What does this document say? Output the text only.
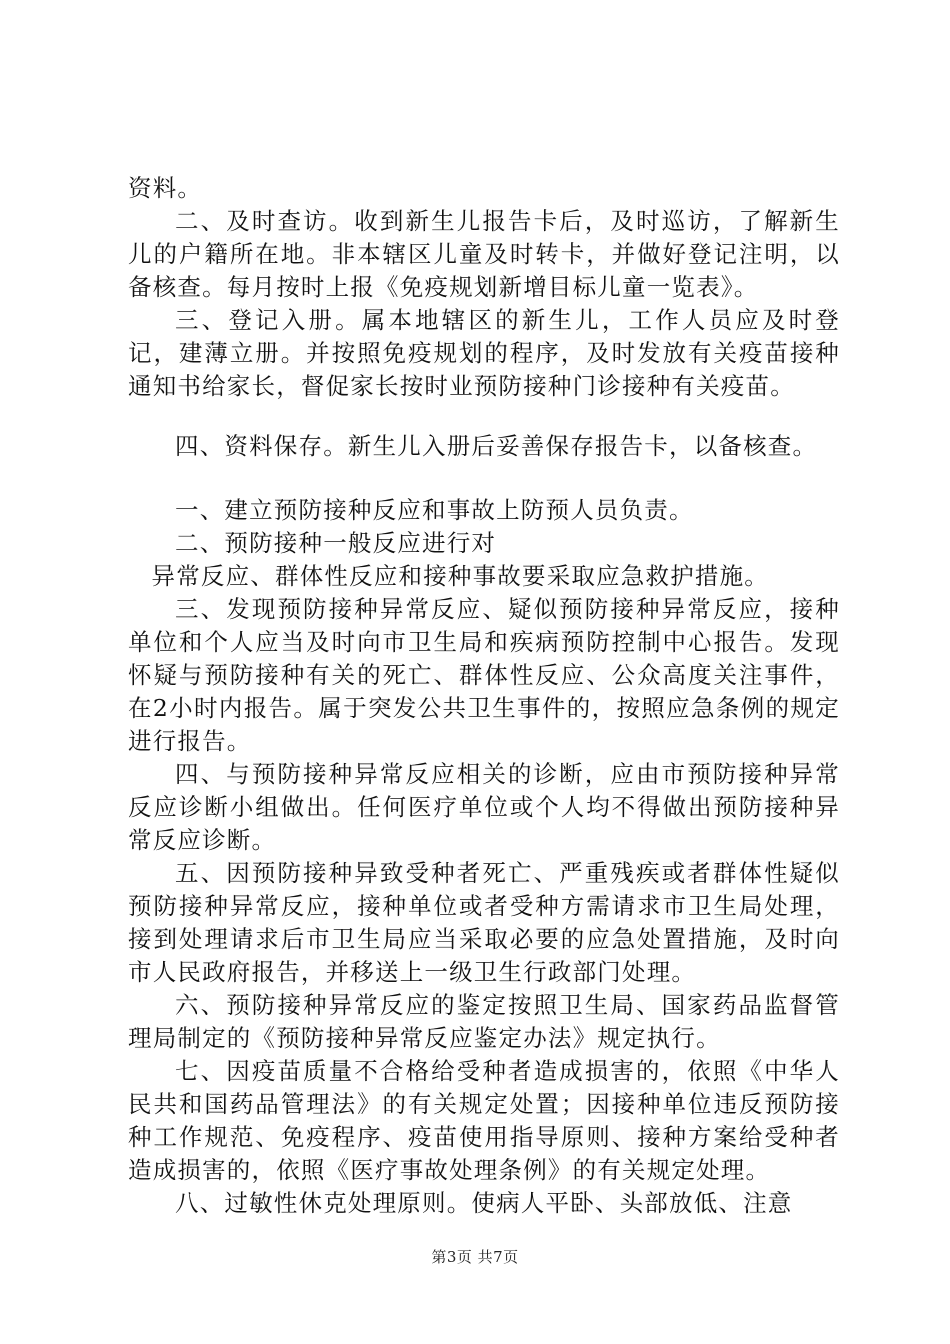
资料。

二、及时查访。收到新生儿报告卡后，及时巡访，了解新生儿的户籍所在地。非本辖区儿童及时转卡，并做好登记注明，以备核查。每月按时上报《免疫规划新增目标儿童一览表》。

三、登记入册。属本地辖区的新生儿，工作人员应及时登记，建薄立册。并按照免疫规划的程序，及时发放有关疫苗接种通知书给家长，督促家长按时业预防接种门诊接种有关疫苗。

四、资料保存。新生儿入册后妥善保存报告卡，以备核查。

一、建立预防接种反应和事故上防预人员负责。

二、预防接种一般反应进行对

异常反应、群体性反应和接种事故要采取应急救护措施。

三、发现预防接种异常反应、疑似预防接种异常反应，接种单位和个人应当及时向市卫生局和疾病预防控制中心报告。发现怀疑与预防接种有关的死亡、群体性反应、公众高度关注事件，在2小时内报告。属于突发公共卫生事件的，按照应急条例的规定进行报告。

四、与预防接种异常反应相关的诊断，应由市预防接种异常反应诊断小组做出。任何医疗单位或个人均不得做出预防接种异常反应诊断。

五、因预防接种异致受种者死亡、严重残疾或者群体性疑似预防接种异常反应，接种单位或者受种方需请求市卫生局处理，接到处理请求后市卫生局应当采取必要的应急处置措施，及时向市人民政府报告，并移送上一级卫生行政部门处理。

六、预防接种异常反应的鉴定按照卫生局、国家药品监督管理局制定的《预防接种异常反应鉴定办法》规定执行。

七、因疫苗质量不合格给受种者造成损害的，依照《中华人民共和国药品管理法》的有关规定处置；因接种单位违反预防接种工作规范、免疫程序、疫苗使用指导原则、接种方案给受种者造成损害的，依照《医疗事故处理条例》的有关规定处理。

八、过敏性休克处理原则。使病人平卧、头部放低、注意

第3页 共7页
